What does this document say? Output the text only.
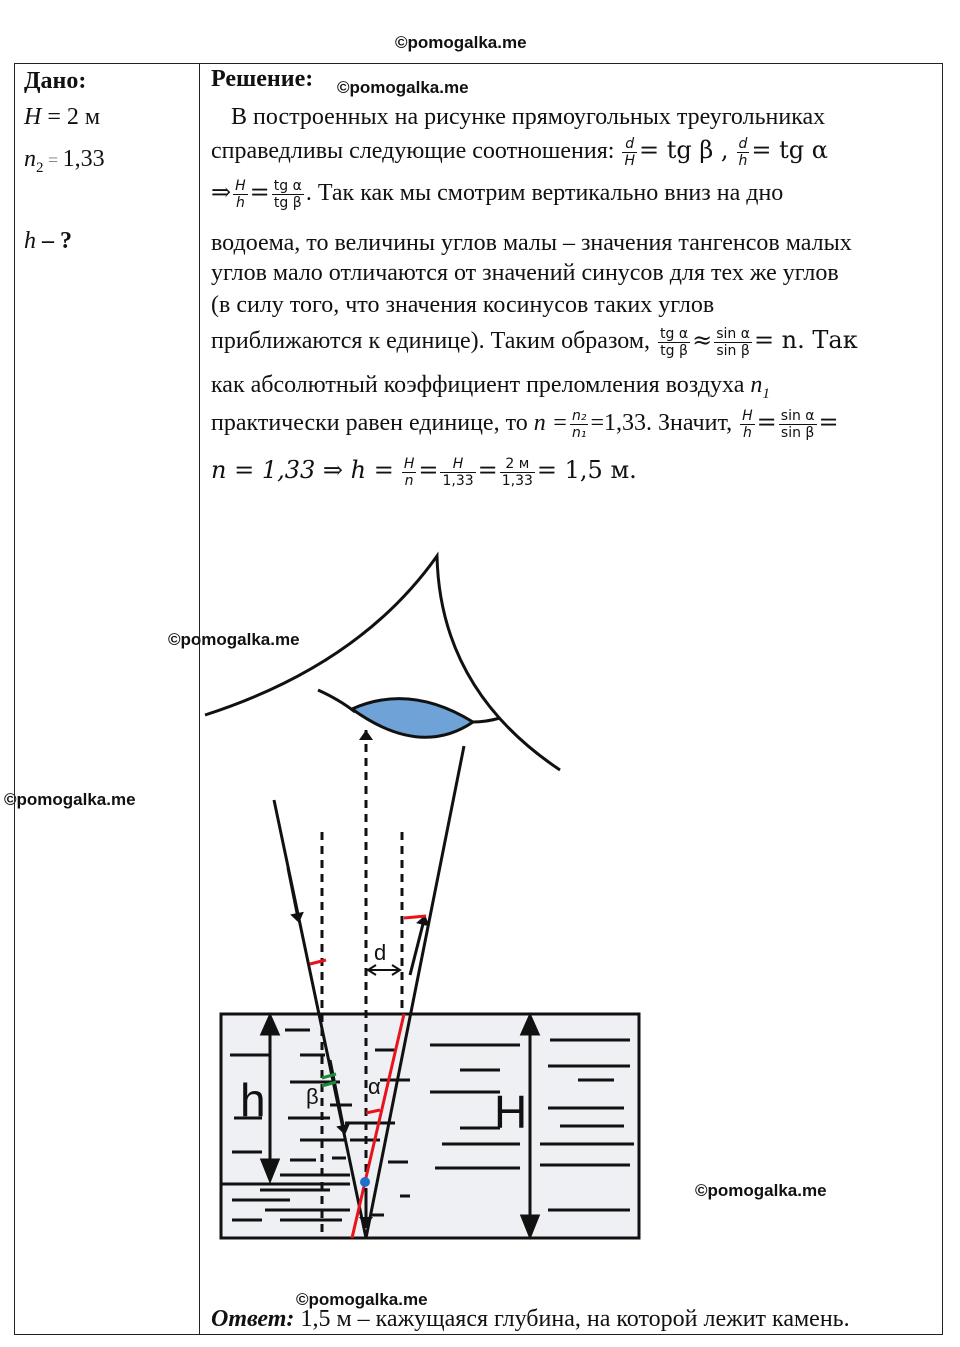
©pomogalka.me
©pomogalka.me
©pomogalka.me
©pomogalka.me
©pomogalka.me
©pomogalka.me
Дано:
H = 2 м
$n_2 = 1,33$
h – ?
Решение:
В построенных на рисунке прямоугольных треугольниках
справедливы следующие соотношения: $\frac{d}{H}$ = tg β , $\frac{d}{h}$ = tg α
⇒ $\frac{H}{h} = \frac{\text{tg α}}{\text{tg β}}$ . Так как мы смотрим вертикально вниз на дно
водоема, то величины углов малы – значения тангенсов малых
углов мало отличаются от значений синусов для тех же углов
(в силу того, что значения косинусов таких углов
приближаются к единице). Таким образом, $\frac{\text{tg α}}{\text{tg β}} \approx \frac{\text{sin α}}{\text{sin β}} = n$. Так
как абсолютный коэффициент преломления воздуха $n_1$
практически равен единице, то $n = \frac{\text{n₂}}{\text{n₁}} =1,33$. Значит, $\frac{H}{h} = \frac{\text{sin α}}{\text{sin β}}$ =
n = 1,33 ⇒ $h = \frac{H}{n} = \frac{H}{1,33} = 2$ м
1,33 = 1,5 м.
d
h	H
α
β
Ответ: 1,5 м – кажущаяся глубина, на которой лежит камень.
